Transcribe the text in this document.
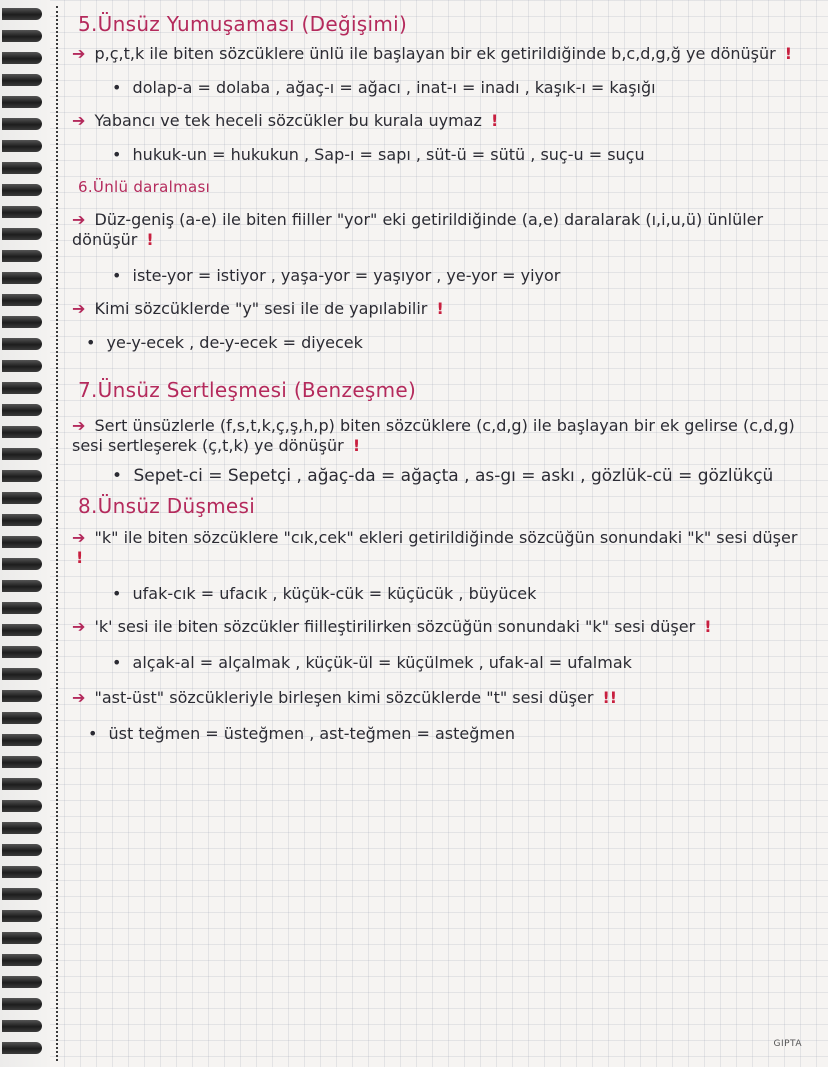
5.Ünsüz Yumuşaması (Değişimi)
➔ p,ç,t,k ile biten sözcüklere ünlü ile başlayan bir ek getirildiğinde b,c,d,g,ğ ye dönüşür !
• dolap-a = dolaba , ağaç-ı = ağacı , inat-ı = inadı , kaşık-ı = kaşığı
➔ Yabancı ve tek heceli sözcükler bu kurala uymaz !
• hukuk-un = hukukun , Sap-ı = sapı , süt-ü = sütü , suç-u = suçu
6.Ünlü daralması
➔ Düz-geniş (a-e) ile biten fiiller "yor" eki getirildiğinde (a,e) daralarak (ı,i,u,ü) ünlüler dönüşür !
• iste-yor = istiyor , yaşa-yor = yaşıyor , ye-yor = yiyor
➔ Kimi sözcüklerde "y" sesi ile de yapılabilir !
• ye-y-ecek , de-y-ecek = diyecek
7.Ünsüz Sertleşmesi (Benzeşme)
➔ Sert ünsüzlerle (f,s,t,k,ç,ş,h,p) biten sözcüklere (c,d,g) ile başlayan bir ek gelirse (c,d,g) sesi sertleşerek (ç,t,k) ye dönüşür !
• Sepet-ci = Sepetçi , ağaç-da = ağaçta , as-gı = askı , gözlük-cü = gözlükçü
8.Ünsüz Düşmesi
➔ "k" ile biten sözcüklere "cık,cek" ekleri getirildiğinde sözcüğün sonundaki "k" sesi düşer !
• ufak-cık = ufacık , küçük-cük = küçücük , büyücek
➔ 'k' sesi ile biten sözcükler fiilleştirilirken sözcüğün sonundaki "k" sesi düşer !
• alçak-al = alçalmak , küçük-ül = küçülmek , ufak-al = ufalmak
➔ "ast-üst" sözcükleriyle birleşen kimi sözcüklerde "t" sesi düşer !!
• üst teğmen = üsteğmen , ast-teğmen = asteğmen
GIPTA
